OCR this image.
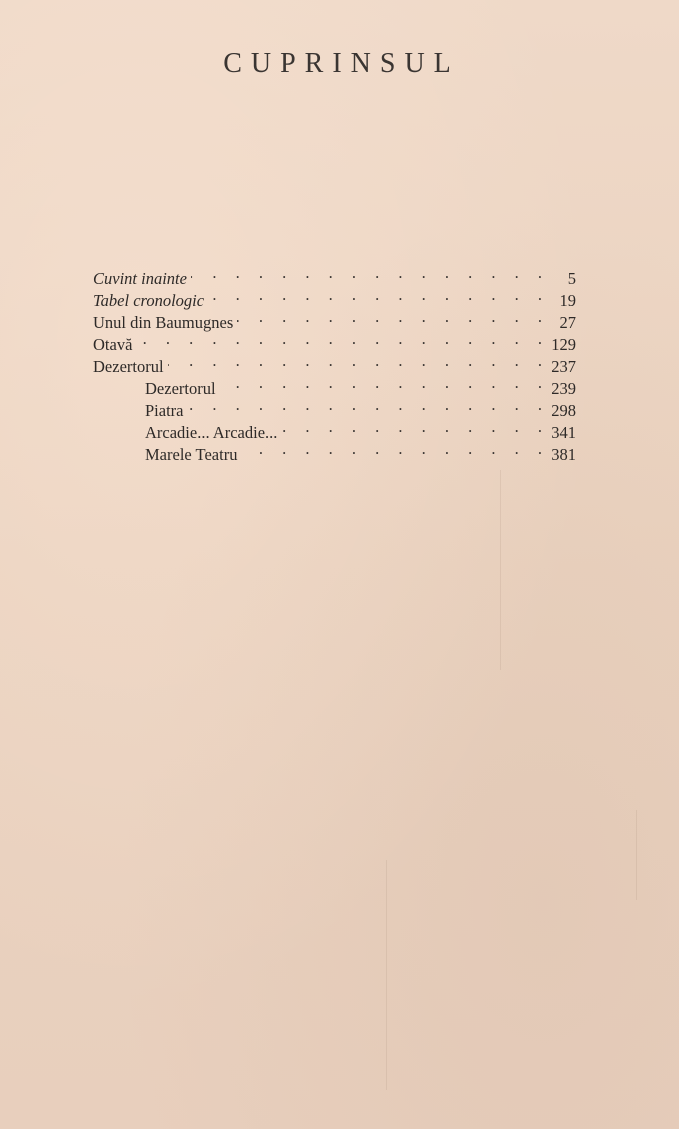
CUPRINSUL
Cuvint inainte . . .	5
Tabel cronologic . . .	19
Unul din Baumugnes . . .	27
Otavă . . .	129
Dezertorul . . .	237
Dezertorul . . .	239
Piatra . . .	298
Arcadie... Arcadie... . . .	341
Marele Teatru . . .	381
